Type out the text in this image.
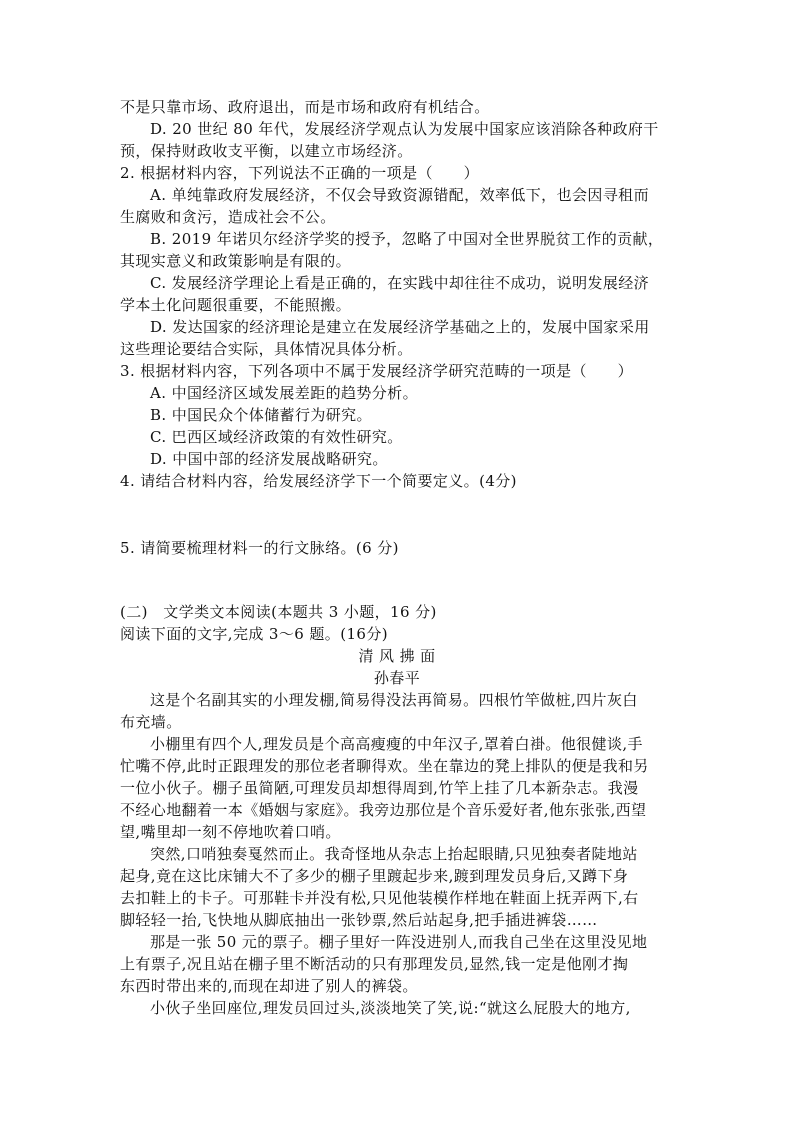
不是只靠市场、政府退出，而是市场和政府有机结合。
D. 20 世纪 80 年代，发展经济学观点认为发展中国家应该消除各种政府干
预，保持财政收支平衡，以建立市场经济。
2. 根据材料内容，下列说法不正确的一项是（　　）
A. 单纯靠政府发展经济，不仅会导致资源错配，效率低下，也会因寻租而
生腐败和贪污，造成社会不公。
B. 2019 年诺贝尔经济学奖的授予，忽略了中国对全世界脱贫工作的贡献，
其现实意义和政策影响是有限的。
C. 发展经济学理论上看是正确的，在实践中却往往不成功，说明发展经济
学本土化问题很重要，不能照搬。
D. 发达国家的经济理论是建立在发展经济学基础之上的，发展中国家采用
这些理论要结合实际，具体情况具体分析。
3. 根据材料内容，下列各项中不属于发展经济学研究范畴的一项是（　　）
A. 中国经济区域发展差距的趋势分析。
B. 中国民众个体储蓄行为研究。
C. 巴西区域经济政策的有效性研究。
D. 中国中部的经济发展战略研究。
4. 请结合材料内容，给发展经济学下一个简要定义。(4分)
5. 请简要梳理材料一的行文脉络。(6 分)
(二)　文学类文本阅读(本题共 3 小题，16 分)
阅读下面的文字,完成 3～6 题。(16分)
清 风 拂 面
孙春平
这是个名副其实的小理发棚,简易得没法再简易。四根竹竿做桩,四片灰白
布充墙。
小棚里有四个人,理发员是个高高瘦瘦的中年汉子,罩着白褂。他很健谈,手
忙嘴不停,此时正跟理发的那位老者聊得欢。坐在靠边的凳上排队的便是我和另
一位小伙子。棚子虽简陋,可理发员却想得周到,竹竿上挂了几本新杂志。我漫
不经心地翻着一本《婚姻与家庭》。我旁边那位是个音乐爱好者,他东张张,西望
望,嘴里却一刻不停地吹着口哨。
突然,口哨独奏戛然而止。我奇怪地从杂志上抬起眼睛,只见独奏者陡地站
起身,竟在这比床铺大不了多少的棚子里踱起步来,踱到理发员身后,又蹲下身
去扣鞋上的卡子。可那鞋卡并没有松,只见他装模作样地在鞋面上抚弄两下,右
脚轻轻一抬,飞快地从脚底抽出一张钞票,然后站起身,把手插进裤袋……
那是一张 50 元的票子。棚子里好一阵没进别人,而我自己坐在这里没见地
上有票子,况且站在棚子里不断活动的只有那理发员,显然,钱一定是他刚才掏
东西时带出来的,而现在却进了别人的裤袋。
小伙子坐回座位,理发员回过头,淡淡地笑了笑,说:“就这么屁股大的地方,
